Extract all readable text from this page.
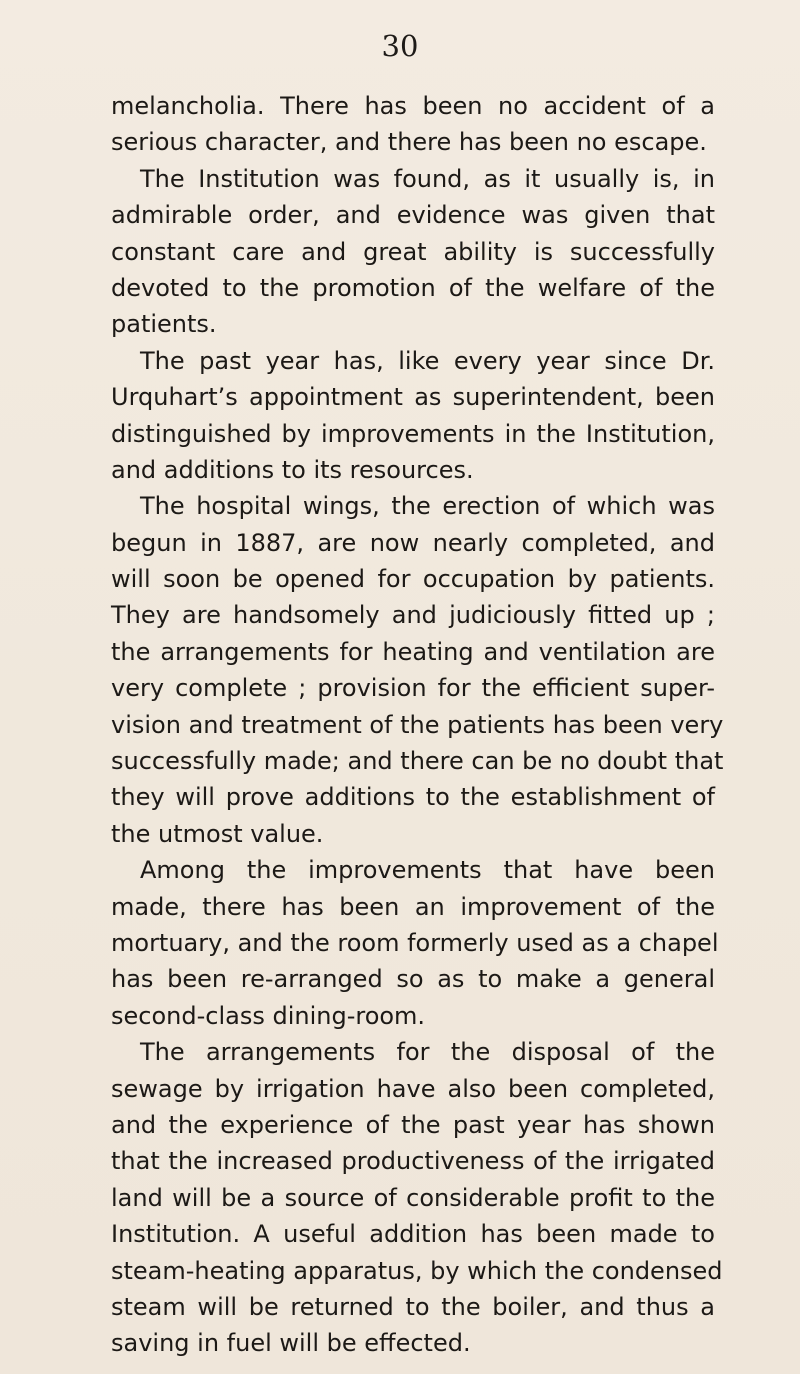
30
melancholia. There has been no accident of a
serious character, and there has been no escape.
The Institution was found, as it usually is, in
admirable order, and evidence was given that
constant care and great ability is successfully
devoted to the promotion of the welfare of the
patients.
The past year has, like every year since Dr.
Urquhart’s appointment as superintendent, been
distinguished by improvements in the Institution,
and additions to its resources.
The hospital wings, the erection of which was
begun in 1887, are now nearly completed, and
will soon be opened for occupation by patients.
They are handsomely and judiciously fitted up ;
the arrangements for heating and ventilation are
very complete ; provision for the efficient super-
vision and treatment of the patients has been very
successfully made; and there can be no doubt that
they will prove additions to the establishment of
the utmost value.
Among the improvements that have been
made, there has been an improvement of the
mortuary, and the room formerly used as a chapel
has been re-arranged so as to make a general
second-class dining-room.
The arrangements for the disposal of the
sewage by irrigation have also been completed,
and the experience of the past year has shown
that the increased productiveness of the irrigated
land will be a source of considerable profit to the
Institution. A useful addition has been made to
steam-heating apparatus, by which the condensed
steam will be returned to the boiler, and thus a
saving in fuel will be effected.
